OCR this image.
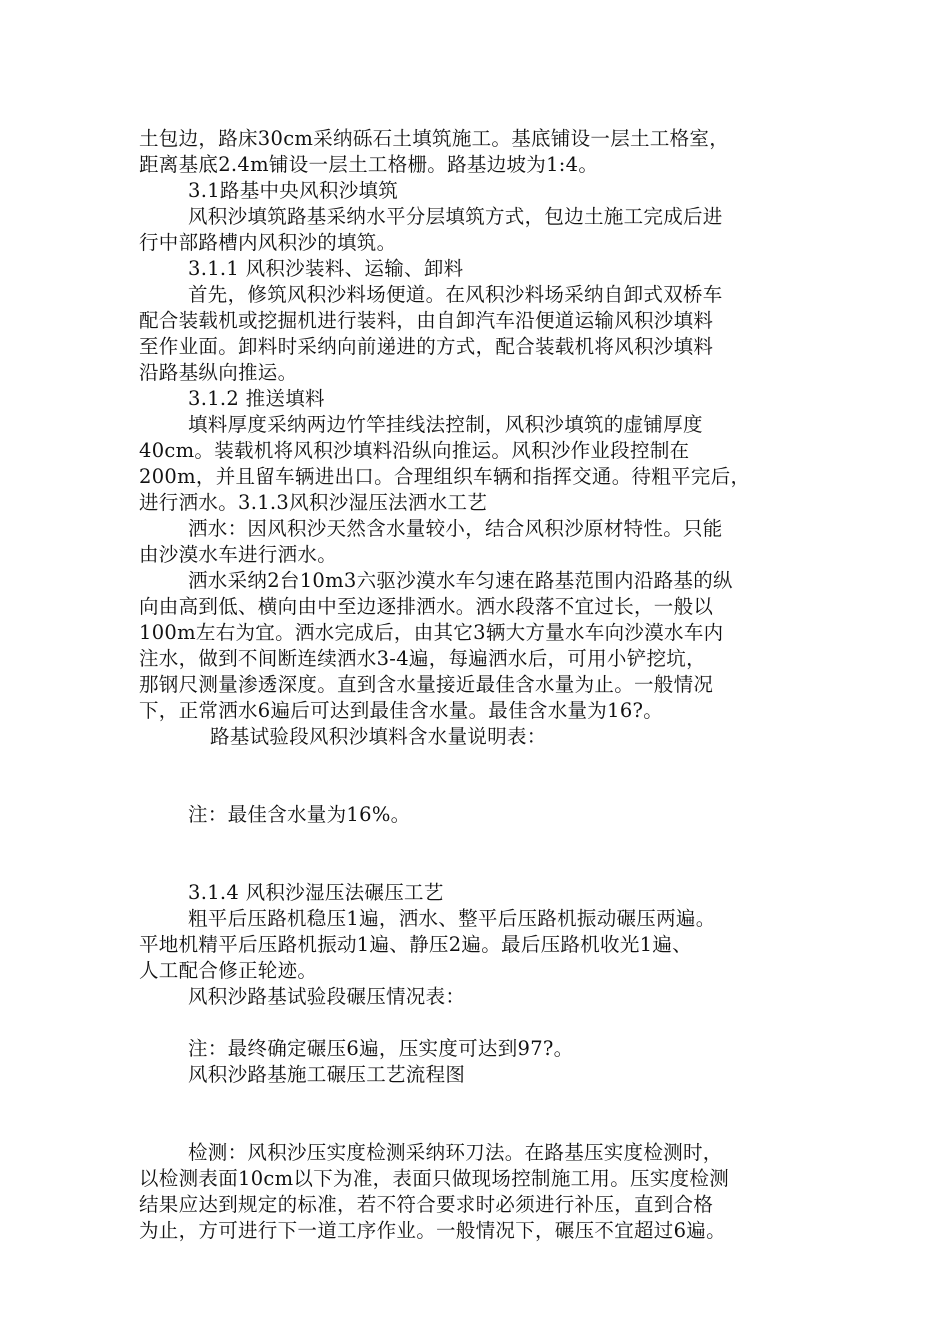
土包边，路床30cm采纳砾石土填筑施工。基底铺设一层土工格室，
距离基底2.4m铺设一层土工格栅。路基边坡为1:4。
3.1路基中央风积沙填筑
风积沙填筑路基采纳水平分层填筑方式，包边土施工完成后进
行中部路槽内风积沙的填筑。
3.1.1 风积沙装料、运输、卸料
首先，修筑风积沙料场便道。在风积沙料场采纳自卸式双桥车
配合装载机或挖掘机进行装料，由自卸汽车沿便道运输风积沙填料
至作业面。卸料时采纳向前递进的方式，配合装载机将风积沙填料
沿路基纵向推运。
3.1.2 推送填料
填料厚度采纳两边竹竿挂线法控制，风积沙填筑的虚铺厚度
40cm。装载机将风积沙填料沿纵向推运。风积沙作业段控制在
200m，并且留车辆进出口。合理组织车辆和指挥交通。待粗平完后，
进行洒水。3.1.3风积沙湿压法洒水工艺
洒水：因风积沙天然含水量较小，结合风积沙原材特性。只能
由沙漠水车进行洒水。
洒水采纳2台10m3六驱沙漠水车匀速在路基范围内沿路基的纵
向由高到低、横向由中至边逐排洒水。洒水段落不宜过长，一般以
100m左右为宜。洒水完成后，由其它3辆大方量水车向沙漠水车内
注水，做到不间断连续洒水3-4遍，每遍洒水后，可用小铲挖坑，
那钢尺测量渗透深度。直到含水量接近最佳含水量为止。一般情况
下，正常洒水6遍后可达到最佳含水量。最佳含水量为16?。
路基试验段风积沙填料含水量说明表：
注：最佳含水量为16%。
3.1.4 风积沙湿压法碾压工艺
粗平后压路机稳压1遍，洒水、整平后压路机振动碾压两遍。
平地机精平后压路机振动1遍、静压2遍。最后压路机收光1遍、
人工配合修正轮迹。
风积沙路基试验段碾压情况表：
注：最终确定碾压6遍，压实度可达到97?。
风积沙路基施工碾压工艺流程图
检测：风积沙压实度检测采纳环刀法。在路基压实度检测时，
以检测表面10cm以下为准，表面只做现场控制施工用。压实度检测
结果应达到规定的标准，若不符合要求时必须进行补压，直到合格
为止，方可进行下一道工序作业。一般情况下，碾压不宜超过6遍。
